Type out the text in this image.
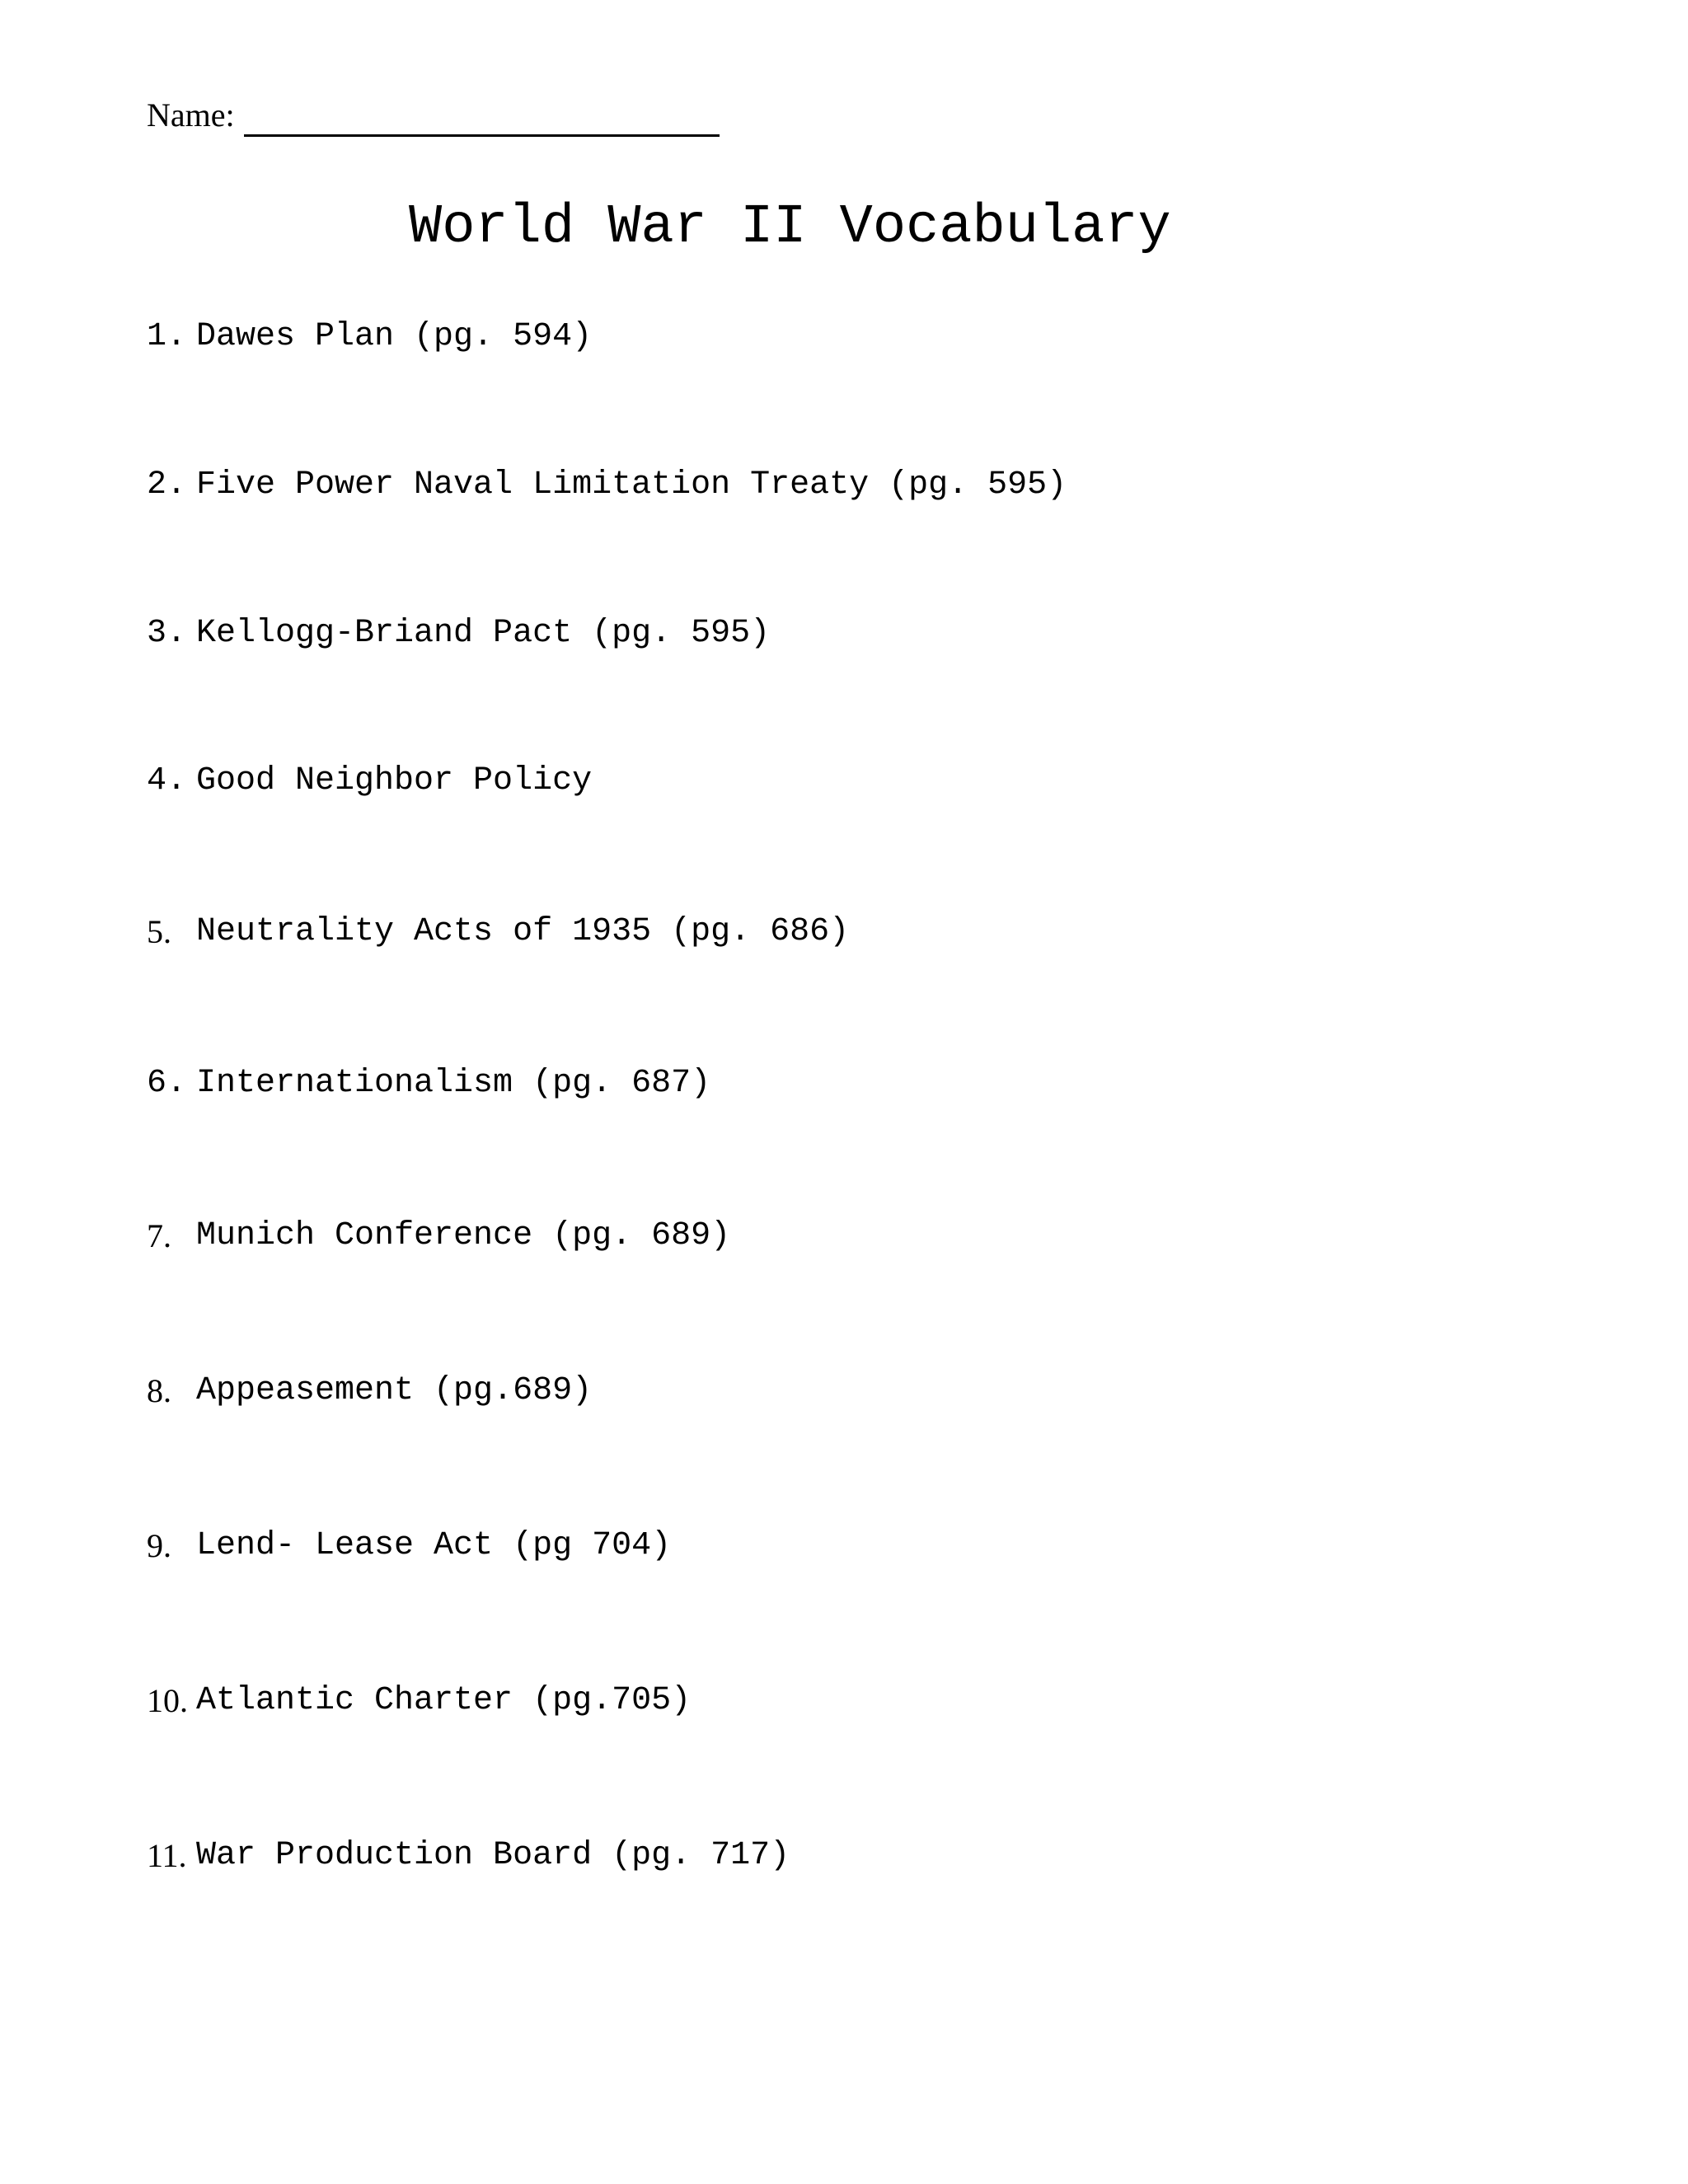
Name:
World War II Vocabulary
1. Dawes Plan (pg. 594)
2. Five Power Naval Limitation Treaty (pg. 595)
3. Kellogg-Briand Pact (pg. 595)
4. Good Neighbor Policy
5. Neutrality Acts of 1935 (pg. 686)
6. Internationalism (pg. 687)
7. Munich Conference (pg. 689)
8. Appeasement (pg.689)
9. Lend- Lease Act (pg 704)
10. Atlantic Charter (pg.705)
11. War Production Board (pg. 717)
